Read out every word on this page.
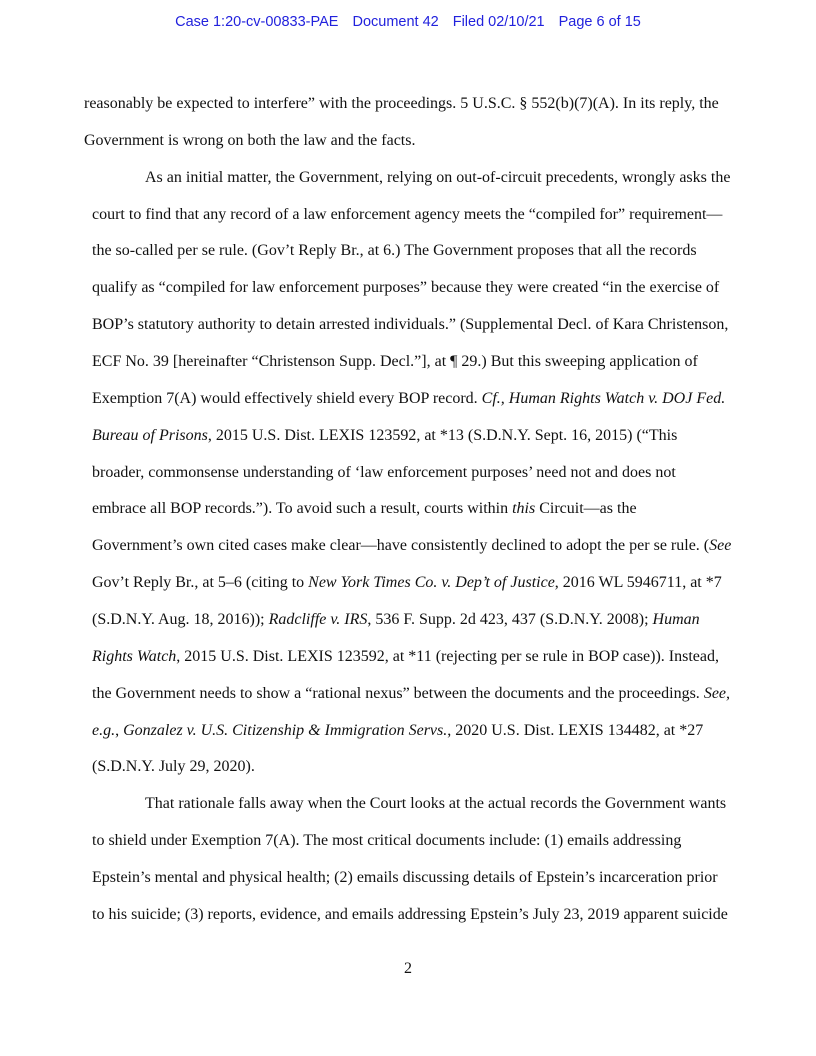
Case 1:20-cv-00833-PAE Document 42 Filed 02/10/21 Page 6 of 15
reasonably be expected to interfere” with the proceedings. 5 U.S.C. § 552(b)(7)(A). In its reply, the
Government is wrong on both the law and the facts.
As an initial matter, the Government, relying on out-of-circuit precedents, wrongly asks the
court to find that any record of a law enforcement agency meets the “compiled for” requirement—
the so-called per se rule. (Gov’t Reply Br., at 6.) The Government proposes that all the records
qualify as “compiled for law enforcement purposes” because they were created “in the exercise of
BOP’s statutory authority to detain arrested individuals.” (Supplemental Decl. of Kara Christenson,
ECF No. 39 [hereinafter “Christenson Supp. Decl.”], at ¶ 29.) But this sweeping application of
Exemption 7(A) would effectively shield every BOP record. Cf., Human Rights Watch v. DOJ Fed.
Bureau of Prisons, 2015 U.S. Dist. LEXIS 123592, at *13 (S.D.N.Y. Sept. 16, 2015) (“This
broader, commonsense understanding of ‘law enforcement purposes’ need not and does not
embrace all BOP records.”). To avoid such a result, courts within this Circuit—as the
Government’s own cited cases make clear—have consistently declined to adopt the per se rule. (See
Gov’t Reply Br., at 5–6 (citing to New York Times Co. v. Dep’t of Justice, 2016 WL 5946711, at *7
(S.D.N.Y. Aug. 18, 2016)); Radcliffe v. IRS, 536 F. Supp. 2d 423, 437 (S.D.N.Y. 2008); Human
Rights Watch, 2015 U.S. Dist. LEXIS 123592, at *11 (rejecting per se rule in BOP case)). Instead,
the Government needs to show a “rational nexus” between the documents and the proceedings. See,
e.g., Gonzalez v. U.S. Citizenship & Immigration Servs., 2020 U.S. Dist. LEXIS 134482, at *27
(S.D.N.Y. July 29, 2020).
That rationale falls away when the Court looks at the actual records the Government wants
to shield under Exemption 7(A). The most critical documents include: (1) emails addressing
Epstein’s mental and physical health; (2) emails discussing details of Epstein’s incarceration prior
to his suicide; (3) reports, evidence, and emails addressing Epstein’s July 23, 2019 apparent suicide
2
